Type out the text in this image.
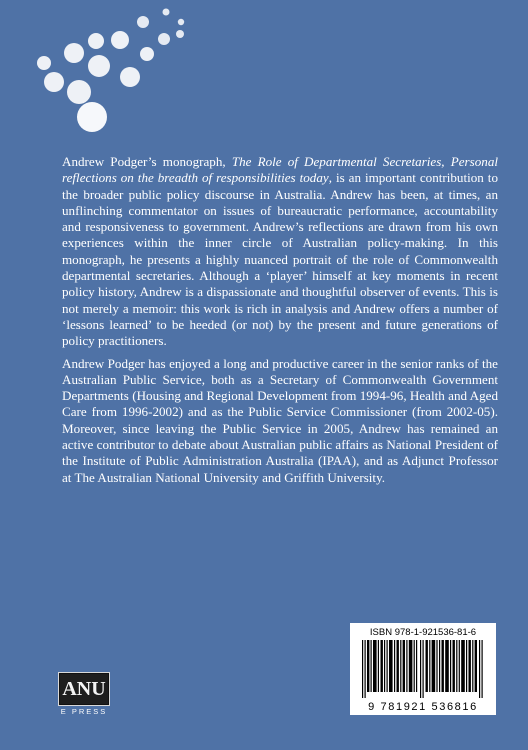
Andrew Podger’s monograph, The Role of Departmental Secretaries, Personal reflections on the breadth of responsibilities today, is an important contribution to the broader public policy discourse in Australia. Andrew has been, at times, an unflinching commentator on issues of bureaucratic performance, accountability and responsiveness to government. Andrew’s reflections are drawn from his own experiences within the inner circle of Australian policy-making. In this monograph, he presents a highly nuanced portrait of the role of Commonwealth departmental secretaries. Although a ‘player’ himself at key moments in recent policy history, Andrew is a dispassionate and thoughtful observer of events. This is not merely a memoir: this work is rich in analysis and Andrew offers a number of ‘lessons learned’ to be heeded (or not) by the present and future generations of policy practitioners.

Andrew Podger has enjoyed a long and productive career in the senior ranks of the Australian Public Service, both as a Secretary of Commonwealth Government Departments (Housing and Regional Development from 1994-96, Health and Aged Care from 1996-2002) and as the Public Service Commissioner (from 2002-05). Moreover, since leaving the Public Service in 2005, Andrew has remained an active contributor to debate about Australian public affairs as National President of the Institute of Public Administration Australia (IPAA), and as Adjunct Professor at The Australian National University and Griffith University.

ANU
E PRESS
ISBN 978-1-921536-81-6
9 781921 536816
